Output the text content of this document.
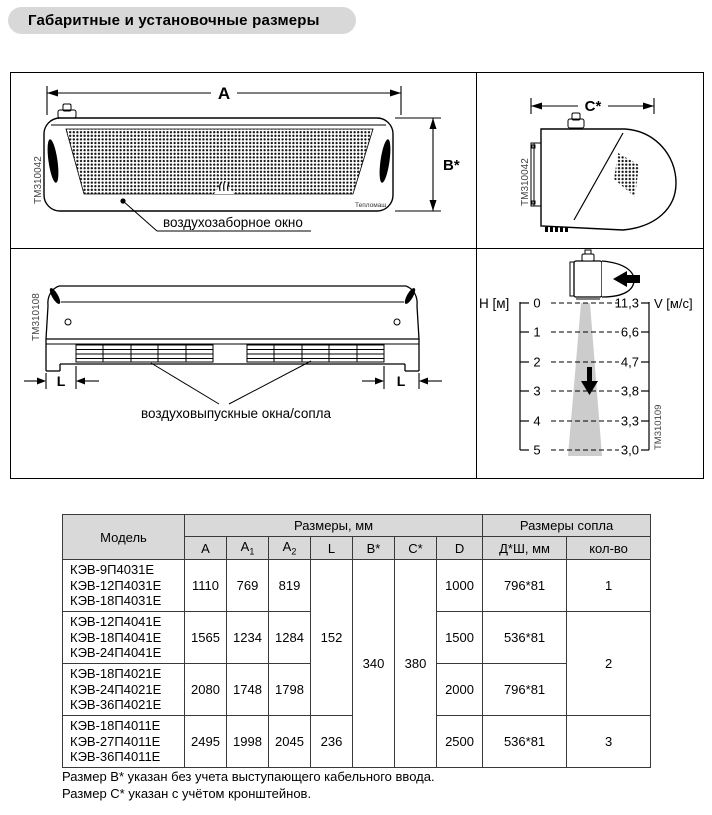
Габаритные и установочные размеры
A
Тепломаш
B*
воздухозаборное окно
ТМ310042
C*
ТМ310042
L	L
воздуховыпускные окна/сопла
ТМ310108	H [м]	V [м/с]
0
1
2
3
4
5
11,3
6,6
4,7
3,8
3,3
3,0 ТМ310109
Модель	Размеры, мм							Размеры сопла	
	А	$А_1$	$А_2$	L	В*	С*	D	Д*Ш, мм	кол-во

КЭВ-9П4031Е
КЭВ-12П4031Е
КЭВ-18П4031Е	1110	769	819	152	340	380	1000	796*81	1

КЭВ-12П4041Е
КЭВ-18П4041Е
КЭВ-24П4041Е	1565	1234	1284				1500	536*81	2

КЭВ-18П4021Е
КЭВ-24П4021Е
КЭВ-36П4021Е	2080	1748	1798				2000	796*81	

КЭВ-18П4011Е
КЭВ-27П4011Е
КЭВ-36П4011Е	2495	1998	2045	236			2500	536*81	3
Размер В* указан без учета выступающего кабельного ввода.
Размер С* указан с учётом кронштейнов.
